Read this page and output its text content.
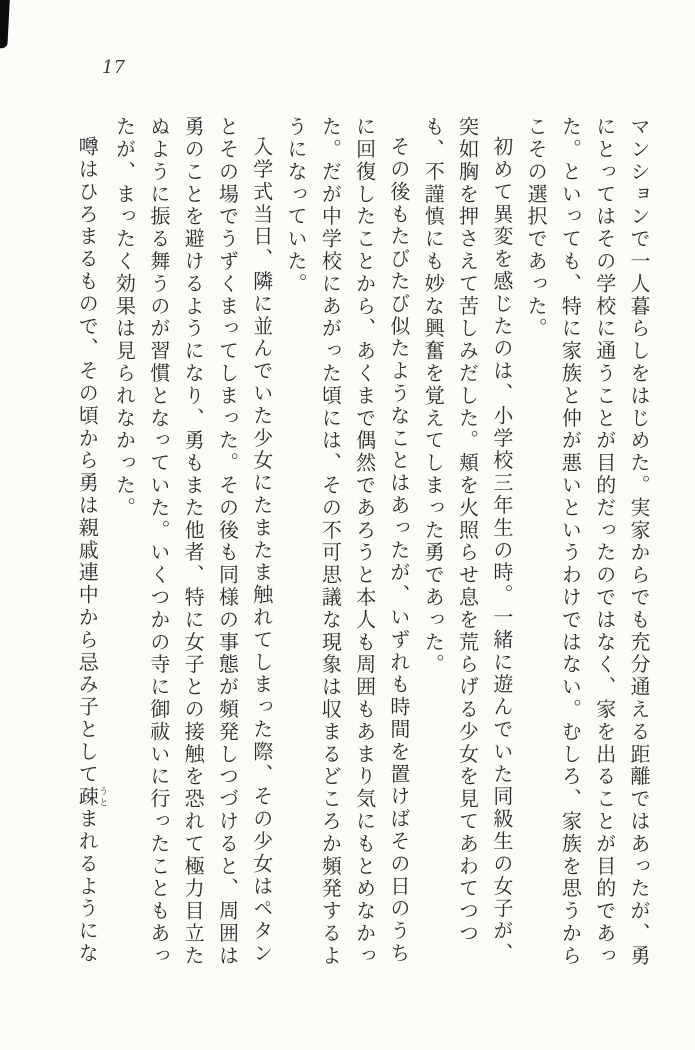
17

マンションで一人暮らしをはじめた。実家からでも充分通える距離ではあったが、勇にとってはその学校に通うことが目的だったのではなく、家を出ることが目的であった。といっても、特に家族と仲が悪いというわけではない。むしろ、家族を思うからこその選択であった。

初めて異変を感じたのは、小学校三年生の時。一緒に遊んでいた同級生の女子が、突如胸を押さえて苦しみだした。頬を火照らせ息を荒らげる少女を見てあわてつつも、不謹慎にも妙な興奮を覚えてしまった勇であった。

その後もたびたび似たようなことはあったが、いずれも時間を置けばその日のうちに回復したことから、あくまで偶然であろうと本人も周囲もあまり気にもとめなかった。だが中学校にあがった頃には、その不可思議な現象は収まるどころか頻発するようになっていた。

入学式当日、隣に並んでいた少女にたまたま触れてしまった際、その少女はペタンとその場でうずくまってしまった。その後も同様の事態が頻発しつづけると、周囲は勇のことを避けるようになり、勇もまた他者、特に女子との接触を恐れて極力目立たぬように振る舞うのが習慣となっていた。いくつかの寺に御祓いに行ったこともあったが、まったく効果は見られなかった。

噂はひろまるもので、その頃から勇は親戚連中から忌み子として疎うとまれるようにな
